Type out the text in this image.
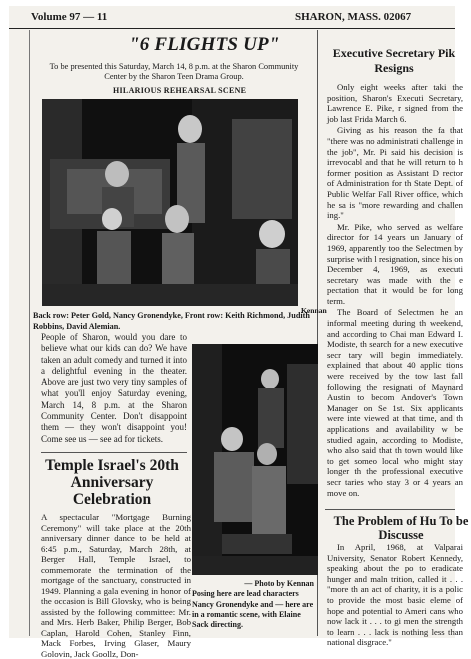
Volume 97 — 11	SHARON, MASS. 02067
"6 FLIGHTS UP"
To be presented this Saturday, March 14, 8 p.m. at the Sharon Community Center by the Sharon Teen Drama Group.
HILARIOUS REHEARSAL SCENE
Back row: Peter Gold, Nancy Gronendyke, Front row: Keith Richmond, Judith Robbins, David Alemian.
Kennan
People of Sharon, would you dare to believe what our kids can do? We have taken an adult comedy and turned it into a delightful evening in the theater. Above are just two very tiny samples of what you'll enjoy Saturday evening, March 14, 8 p.m. at the Sharon Community Center. Don't disappoint them — they won't disappoint you! Come see us — see ad for tickets.
Temple Israel's 20th Anniversary Celebration
A spectacular "Mortgage Burning Ceremony" will take place at the 20th anniversary dinner dance to be held at 6:45 p.m., Saturday, March 28th, at Berger Hall, Temple Israel, to commemorate the termination of the mortgage of the sanctuary, constructed in 1949. Planning a gala evening in honor of the occasion is Bill Glovsky, who is being assisted by the following committee: Mr. and Mrs. Herb Baker, Philip Berger, Bob Caplan, Harold Cohen, Stanley Finn, Mack Forbes, Irving Glaser, Maury Golovin, Jack Goollz, Don-
— Photo by Kennan
Posing here are lead characters Nancy Gronendyke and — here are in a romantic scene, with Elaine Sack directing.
Executive Secretary Pik Resigns

Only eight weeks after taki the position, Sharon's Executi Secretary, Lawrence E. Pike, r signed from the job last Frida March 6.

Giving as his reason the fa that "there was no administrati challenge in the job", Mr. Pi said his decision is irrevocabl and that he will return to h former position as Assistant D rector of Administration for th State Dept. of Public Welfar Fall River office, which he sa is "more rewarding and challen ing."

Mr. Pike, who served as welfare director for 14 years un January of 1969, apparently too the Selectmen by surprise with l resignation, since his on December 4, 1969, as executi secretary was made with the e pectation that it would be for long term.

The Board of Selectmen he an informal meeting during th weekend, and according to Chai man Edward I. Modiste, th search for a new executive secr tary will begin immediately. explained that about 40 applic tions were received by the tow last fall following the resignati of Maynard Austin to becom Andover's Town Manager on Se 1st. Six applicants were inte viewed at that time, and th applications and availability w be studied again, according to Modiste, who also said that th town would like to get someo local who might stay longer th the professional executive secr taries who stay 3 or 4 years an move on.

The Problem of Hu To be Discusse

In April, 1968, at Valparai University, Senator Robert Kennedy, speaking about the po to eradicate hunger and maln trition, called it . . . "more th an act of charity, it is a polic to provide the most basic eleme of hope and potential to Ameri cans who now lack it . . . to gi men the strength to learn . . . lack is nothing less than national disgrace."
